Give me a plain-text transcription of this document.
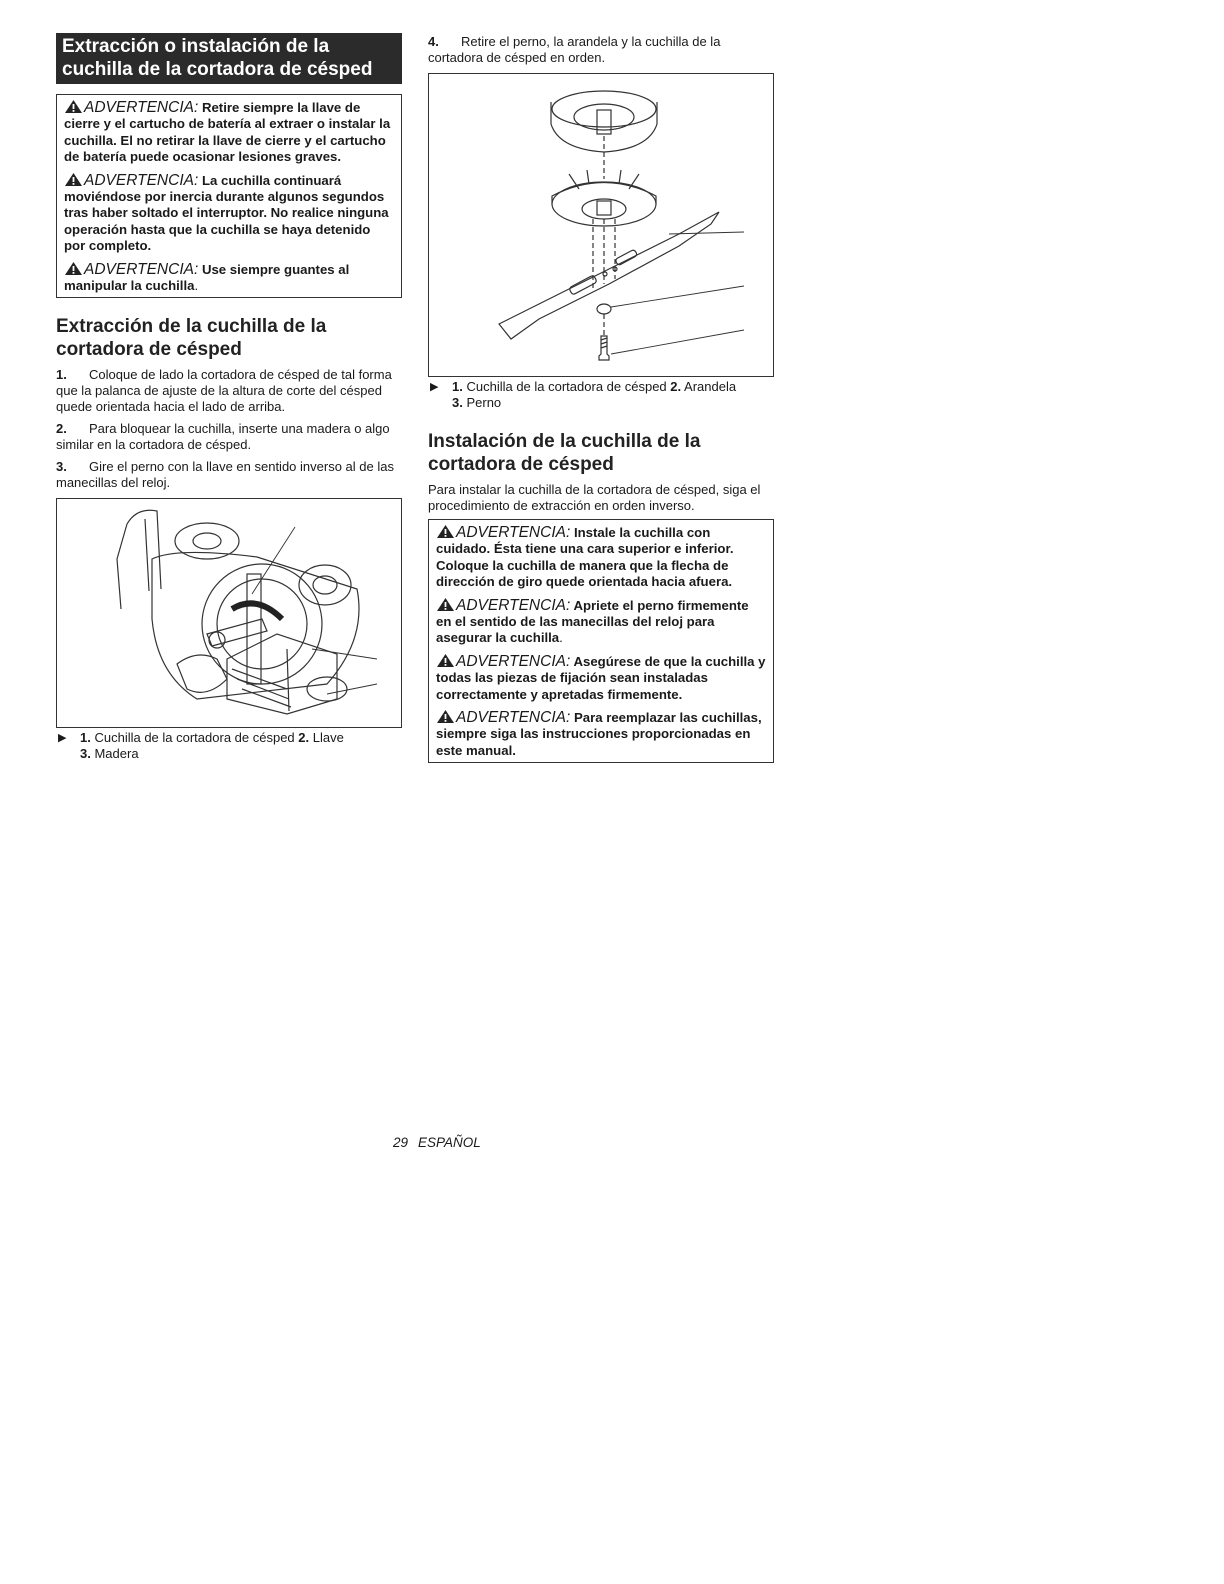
Extracción o instalación de la cuchilla de la cortadora de césped

ADVERTENCIA: Retire siempre la llave de cierre y el cartucho de batería al extraer o instalar la cuchilla. El no retirar la llave de cierre y el cartucho de batería puede ocasionar lesiones graves.

ADVERTENCIA: La cuchilla continuará moviéndose por inercia durante algunos segundos tras haber soltado el interruptor. No realice ninguna operación hasta que la cuchilla se haya detenido por completo.

ADVERTENCIA: Use siempre guantes al manipular la cuchilla.

Extracción de la cuchilla de la cortadora de césped

1. Coloque de lado la cortadora de césped de tal forma que la palanca de ajuste de la altura de corte del césped quede orientada hacia el lado de arriba.

2. Para bloquear la cuchilla, inserte una madera o algo similar en la cortadora de césped.

3. Gire el perno con la llave en sentido inverso al de las manecillas del reloj.

▶ 1. Cuchilla de la cortadora de césped 2. Llave
3. Madera

4. Retire el perno, la arandela y la cuchilla de la cortadora de césped en orden.

▶ 1. Cuchilla de la cortadora de césped 2. Arandela
3. Perno

Instalación de la cuchilla de la cortadora de césped

Para instalar la cuchilla de la cortadora de césped, siga el procedimiento de extracción en orden inverso.

ADVERTENCIA: Instale la cuchilla con cuidado. Ésta tiene una cara superior e inferior. Coloque la cuchilla de manera que la flecha de dirección de giro quede orientada hacia afuera.

ADVERTENCIA: Apriete el perno firmemente en el sentido de las manecillas del reloj para asegurar la cuchilla.

ADVERTENCIA: Asegúrese de que la cuchilla y todas las piezas de fijación sean instaladas correctamente y apretadas firmemente.

ADVERTENCIA: Para reemplazar las cuchillas, siempre siga las instrucciones proporcionadas en este manual.

29 ESPAÑOL
